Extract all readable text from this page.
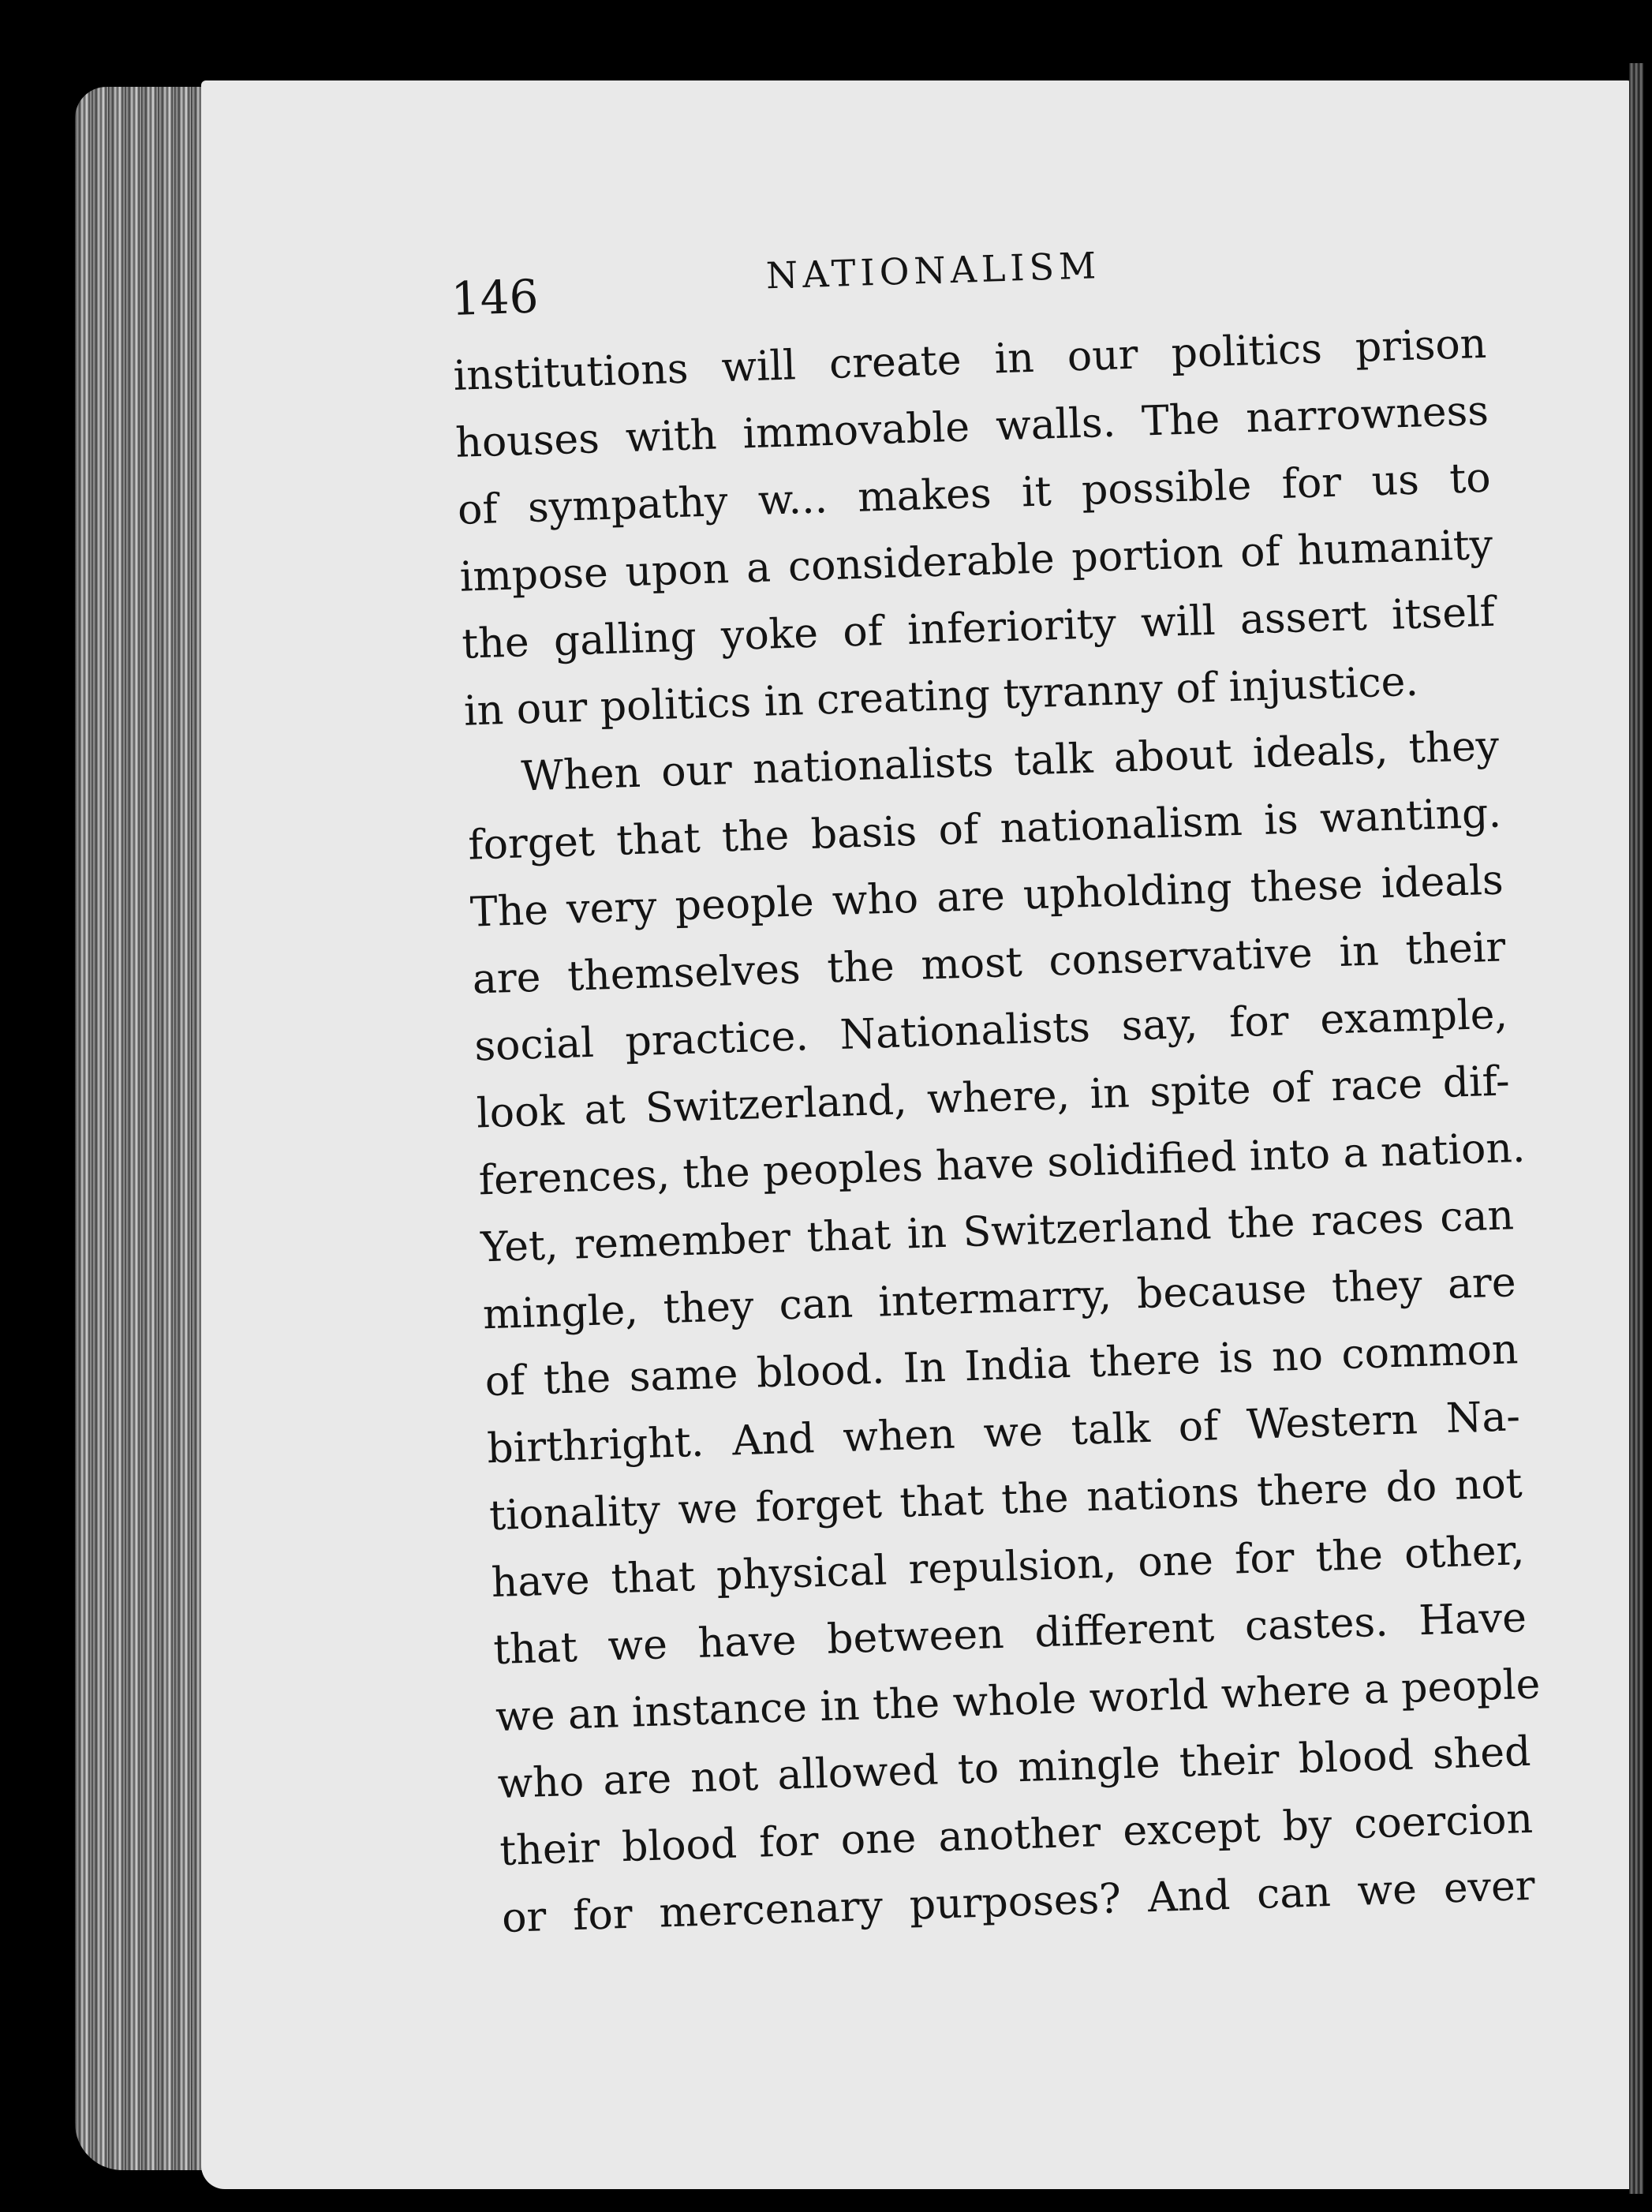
146	NATIONALISM

institutions will create in our politics prison
houses with immovable walls. The narrowness
of sympathy w... makes it possible for us to
impose upon a considerable portion of humanity
the galling yoke of inferiority will assert itself
in our politics in creating tyranny of injustice.

When our nationalists talk about ideals, they
forget that the basis of nationalism is wanting.
The very people who are upholding these ideals
are themselves the most conservative in their
social practice. Nationalists say, for example,
look at Switzerland, where, in spite of race dif-
ferences, the peoples have solidified into a nation.
Yet, remember that in Switzerland the races can
mingle, they can intermarry, because they are
of the same blood. In India there is no common
birthright. And when we talk of Western Na-
tionality we forget that the nations there do not
have that physical repulsion, one for the other,
that we have between different castes. Have
we an instance in the whole world where a people
who are not allowed to mingle their blood shed
their blood for one another except by coercion
or for mercenary purposes? And can we ever
